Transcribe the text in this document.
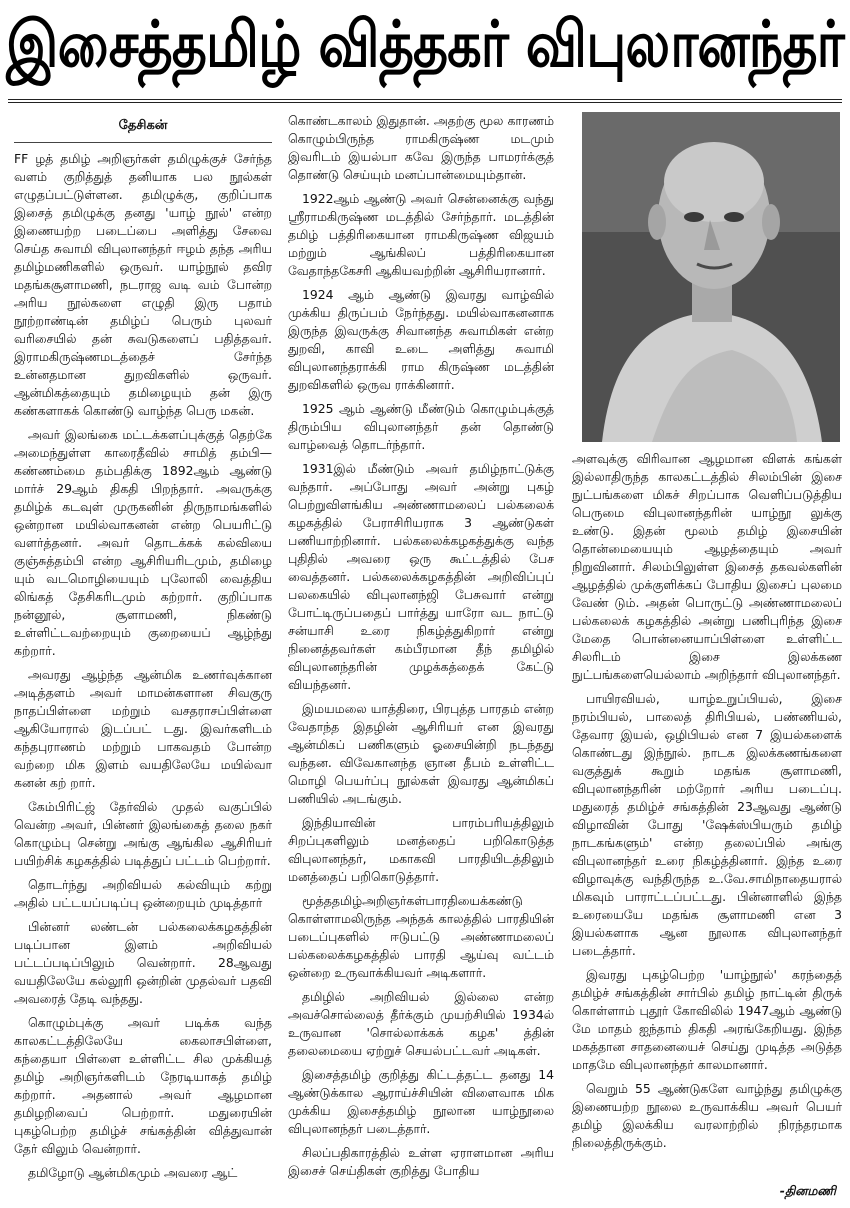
இசைத்தமிழ் வித்தகர் விபுலானந்தர்
தேசிகன்

FF ழத் தமிழ் அறிஞர்கள் தமிழுக்குச் சேர்ந்த வளம் குறித்துத் தனியாக பல நூல்கள் எழுதப்பட்டுள்ளன. தமிழுக்கு, குறிப்பாக இசைத் தமிழுக்கு தனது 'யாழ் நூல்' என்ற இணையற்ற படைப்பை அளித்து சேவை செய்த சுவாமி விபுலானந்தர் ஈழம் தந்த அரிய தமிழ்மணிகளில் ஒருவர். யாழ்நூல் தவிர மதங்கசூளாமணி, நடராஜ வடி வம் போன்ற அரிய நூல்களை எழுதி இரு பதாம் நூற்றாண்டின் தமிழ்ப் பெரும் புலவர் வரிசையில் தன் சுவடுகளைப் பதித்தவர். இராமகிருஷ்ணமடத்தைச் சேர்ந்த உன்னதமான துறவிகளில் ஒருவர். ஆன்மிகத்தையும் தமிழையும் தன் இரு கண்களாகக் கொண்டு வாழ்ந்த பெரு மகன்.

அவர் இலங்கை மட்டக்களப்புக்குத் தெற்கே அமைந்துள்ள காரைதீவில் சாமித் தம்பி—கண்ணம்மை தம்பதிக்கு 1892ஆம் ஆண்டு மார்ச் 29ஆம் திகதி பிறந்தார். அவருக்கு தமிழ்க் கடவுள் முருகனின் திருநாமங்களில் ஒன்றான மயில்வாகனன் என்ற பெயரிட்டு வளர்த்தனர். அவர் தொடக்கக் கல்வியை குஞ்சுத்தம்பி என்ற ஆசிரியரிடமும், தமிழை யும் வடமொழியையும் புலோலி வைத்திய லிங்கத் தேசிகரிடமும் கற்றார். குறிப்பாக நன்னூல், சூளாமணி, நிகண்டு உள்ளிட்டவற்றையும் குறையைப் ஆழ்ந்து கற்றார்.

அவரது ஆழ்ந்த ஆன்மிக உணர்வுக்கான அடித்தளம் அவர் மாமன்களான சிவகுரு நாதப்பிள்ளை மற்றும் வசதராசப்பிள்ளை ஆகியோரால் இடப்பட் டது. இவர்களிடம் கந்தபுராணம் மற்றும் பாகவதம் போன்ற வற்றை மிக இளம் வயதிலேயே மயில்வா கனன் கற் றார்.

கேம்பிரிட்ஜ் தேர்வில் முதல் வகுப்பில் வென்ற அவர், பின்னர் இலங்கைத் தலை நகர் கொழும்பு சென்று அங்கு ஆங்கில ஆசிரியர் பயிற்சிக் கழகத்தில் படித்துப் பட்டம் பெற்றார்.

தொடர்ந்து அறிவியல் கல்வியும் கற்று அதில் பட்டயப்படிப்பு ஒன்றையும் முடித்தார்

பின்னர் லண்டன் பல்கலைக்கழகத்தின் படிப்பான இளம் அறிவியல் பட்டப்படிப்பிலும் வென்றார். 28ஆவது வயதிலேயே கல்லூரி ஒன்றின் முதல்வர் பதவி அவரைத் தேடி வந்தது.

கொழும்புக்கு அவர் படிக்க வந்த காலகட்டத்திலேயே கைலாசபிள்ளை, கந்தையா பிள்ளை உள்ளிட்ட சில முக்கியத் தமிழ் அறிஞர்களிடம் நேரடியாகத் தமிழ் கற்றார். அதனால் அவர் ஆழமான தமிழறிவைப் பெற்றார். மதுரையின் புகழ்பெற்ற தமிழ்ச் சங்கத்தின் வித்துவான் தேர் விலும் வென்றார்.

தமிழோடு ஆன்மிகமும் அவரை ஆட்

கொண்டகாலம் இதுதான். அதற்கு மூல காரணம் கொழும்பிருந்த ராமகிருஷ்ண மடமும் இவரிடம் இயல்பா கவே இருந்த பாமரர்க்குத் தொண்டு செய்யும் மனப்பான்மையும்தான்.

1922ஆம் ஆண்டு அவர் சென்னைக்கு வந்து ஸ்ரீராமகிருஷ்ண மடத்தில் சேர்ந்தார். மடத்தின் தமிழ் பத்திரிகையான ராமகிருஷ்ண விஜயம் மற்றும் ஆங்கிலப் பத்திரிகையான வேதாந்தகேசரி ஆகியவற்றின் ஆசிரியரானார்.

1924 ஆம் ஆண்டு இவரது வாழ்வில் முக்கிய திருப்பம் நேர்ந்தது. மயில்வாகனனாக இருந்த இவருக்கு சிவானந்த சுவாமிகள் என்ற துறவி, காவி உடை அளித்து சுவாமி விபுலானந்தராக்கி ராம கிருஷ்ண மடத்தின் துறவிகளில் ஒருவ ராக்கினார்.

1925 ஆம் ஆண்டு மீண்டும் கொழும்புக்குத் திரும்பிய விபுலானந்தர் தன் தொண்டு வாழ்வைத் தொடர்ந்தார்.

1931இல் மீண்டும் அவர் தமிழ்நாட்டுக்கு வந்தார். அப்போது அவர் அன்று புகழ் பெற்றுவிளங்கிய அண்ணாமலைப் பல்கலைக் கழகத்தில் பேராசிரியராக 3 ஆண்டுகள் பணியாற்றினார். பல்கலைக்கழகத்துக்கு வந்த புதிதில் அவரை ஒரு கூட்டத்தில் பேச வைத்தனர். பல்கலைக்கழகத்தின் அறிவிப்புப் பலகையில் விபுலானந்ஜி பேசுவார் என்று போட்டிருப்பதைப் பார்த்து யாரோ வட நாட்டு சன்யாசி உரை நிகழ்த்துகிறார் என்று நினைத்தவர்கள் கம்பீரமான தீந் தமிழில் விபுலானந்தரின் முழக்கத்தைக் கேட்டு வியந்தனர்.

இமயமலை யாத்திரை, பிரபுத்த பாரதம் என்ற வேதாந்த இதழின் ஆசிரியர் என இவரது ஆன்மிகப் பணிகளும் ஓசையின்றி நடந்தது வந்தன. விவேகானந்த ஞான தீபம் உள்ளிட்ட மொழி பெயர்ப்பு நூல்கள் இவரது ஆன்மிகப் பணியில் அடங்கும்.

இந்தியாவின் பாரம்பரியத்திலும் சிறப்புகளிலும் மனத்தைப் பறிகொடுத்த விபுலானந்தர், மகாகவி பாரதியிடத்திலும் மனத்தைப் பறிகொடுத்தார்.

மூத்ததமிழ்அறிஞர்கள்பாரதியைக்கண்டு கொள்ளாமலிருந்த அந்தக் காலத்தில் பாரதியின் படைப்புகளில் ஈடுபட்டு அண்ணாமலைப் பல்கலைக்கழகத்தில் பாரதி ஆய்வு வட்டம் ஒன்றை உருவாக்கியவர் அடிகளார்.

தமிழில் அறிவியல் இல்லை என்ற அவச்சொல்லைத் தீர்க்கும் முயற்சியில் 1934ல் உருவான 'சொல்லாக்கக் கழக' த்தின் தலைமையை ஏற்றுச் செயல்பட்டவர் அடிகள்.

இசைத்தமிழ் குறித்து கிட்டத்தட்ட தனது 14 ஆண்டுக்கால ஆராய்ச்சியின் விளைவாக மிக முக்கிய இசைத்தமிழ் நூலான யாழ்நூலை விபுலானந்தர் படைத்தார்.

சிலப்பதிகாரத்தில் உள்ள ஏராளமான அரிய இசைச் செய்திகள் குறித்து போதிய

அளவுக்கு விரிவான ஆழமான விளக் கங்கள் இல்லாதிருந்த காலகட்டத்தில் சிலம்பின் இசை நுட்பங்களை மிகச் சிறப்பாக வெளிப்படுத்திய பெருமை விபுலானந்தரின் யாழ்நூ லுக்கு உண்டு. இதன் மூலம் தமிழ் இசையின் தொன்மையையும் ஆழத்தையும் அவர் நிறுவினார். சிலம்பிலுள்ள இசைத் தகவல்களின் ஆழத்தில் முக்குளிக்கப் போதிய இசைப் புலமை வேண் டும். அதன் பொருட்டு அண்ணாமலைப் பல்கலைக் கழகத்தில் அன்று பணிபுரிந்த இசை மேதை பொன்னையாப்பிள்ளை உள்ளிட்ட சிலரிடம் இசை இலக்கண நுட்பங்களையெல்லாம் அறிந்தார் விபுலானந்தர்.

பாயிரவியல், யாழ்உறுப்பியல், இசை நரம்பியல், பாலைத் திரிபியல், பண்ணியல், தேவார இயல், ஒழிபியல் என 7 இயல்களைக் கொண்டது இந்நூல். நாடக இலக்கணங்களை வகுத்துக் கூறும் மதங்க சூளாமணி, விபுலானந்தரின் மற்றோர் அரிய படைப்பு. மதுரைத் தமிழ்ச் சங்கத்தின் 23ஆவது ஆண்டு விழாவின் போது 'ஷேக்ஸ்பியரும் தமிழ் நாடகங்களும்' என்ற தலைப்பில் அங்கு விபுலானந்தர் உரை நிகழ்த்தினார். இந்த உரை விழாவுக்கு வந்திருந்த உ.வே.சாமிநாதையரால் மிகவும் பாராட்டப்பட்டது. பின்னாளில் இந்த உரையையே மதங்க சூளாமணி என 3 இயல்களாக ஆன நூலாக விபுலானந்தர் படைத்தார்.

இவரது புகழ்பெற்ற 'யாழ்நூல்' கரந்தைத் தமிழ்ச் சங்கத்தின் சார்பில் தமிழ் நாட்டின் திருக் கொள்ளாம் புதூர் கோவிலில் 1947ஆம் ஆண்டு மே மாதம் ஐந்தாம் திகதி அரங்கேறியது. இந்த மகத்தான சாதனையைச் செய்து முடித்த அடுத்த மாதமே விபுலானந்தர் காலமானார்.

வெறும் 55 ஆண்டுகளே வாழ்ந்து தமிழுக்கு இணையற்ற நூலை உருவாக்கிய அவர் பெயர் தமிழ் இலக்கிய வரலாற்றில் நிரந்தரமாக நிலைத்திருக்கும்.

-தினமணி
